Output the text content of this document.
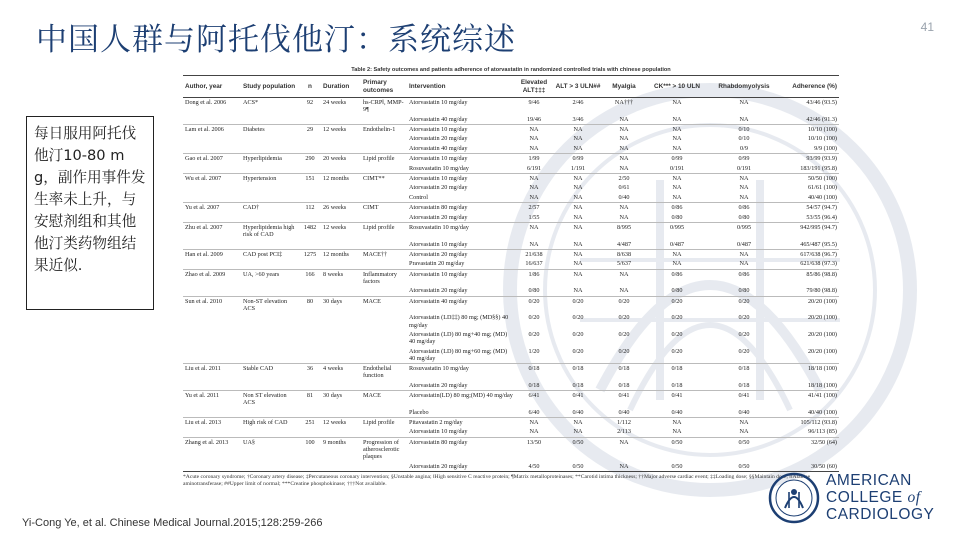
中国人群与阿托伐他汀：系统综述	41
Table 2: Safety outcomes and patients adherence of atorvastatin in randomized controlled trials with chinese population
Author, year	Study population	n	Duration	Primary outcomes	Intervention	Elevated ALT‡‡‡	ALT > 3 ULN##	Myalgia	CK*** > 10 ULN	Rhabdomyolysis	Adherence (%)
Dong et al. 2006	ACS*	92	24 weeks	hs-CRP‖, MMP-9¶	Atorvastatin 10 mg/day	9/46	2/46	NA†††	NA	NA	43/46 (93.5)
					Atorvastatin 40 mg/day	19/46	3/46	NA	NA	NA	42/46 (91.3)
Lam et al. 2006	Diabetes	29	12 weeks	Endothelin-1	Atorvastatin 10 mg/day	NA	NA	NA	NA	0/10	10/10 (100)
					Atorvastatin 20 mg/day	NA	NA	NA	NA	0/10	10/10 (100)
					Atorvastatin 40 mg/day	NA	NA	NA	NA	0/9	9/9 (100)
Gao et al. 2007	Hyperlipidemia	290	20 weeks	Lipid profile	Atorvastatin 10 mg/day	1/99	0/99	NA	0/99	0/99	93/99 (93.9)
					Rosuvastatin 10 mg/day	6/191	1/191	NA	0/191	0/191	183/191 (95.8)
Wu et al. 2007	Hypertension	151	12 months	CIMT**	Atorvastatin 10 mg/day	NA	NA	2/50	NA	NA	50/50 (100)
					Atorvastatin 20 mg/day	NA	NA	0/61	NA	NA	61/61 (100)
					Control	NA	NA	0/40	NA	NA	40/40 (100)
Yu et al. 2007	CAD†	112	26 weeks	CIMT	Atorvastatin 80 mg/day	2/57	NA	NA	0/86	0/86	54/57 (94.7)
					Atorvastatin 20 mg/day	1/55	NA	NA	0/80	0/80	53/55 (96.4)
Zhu et al. 2007	Hyperlipidemia high risk of CAD	1482	12 weeks	Lipid profile	Rosuvastatin 10 mg/day	NA	NA	8/995	0/995	0/995	942/995 (94.7)
					Atorvastatin 10 mg/day	NA	NA	4/487	0/487	0/487	465/487 (95.5)
Han et al. 2009	CAD post PCI‡	1275	12 months	MACE††	Atorvastatin 20 mg/day	21/638	NA	8/638	NA	NA	617/638 (96.7)
					Pravastatin 20 mg/day	16/637	NA	5/637	NA	NA	621/638 (97.3)
Zhao et al. 2009	UA, >60 years	166	8 weeks	Inflammatory factors	Atorvastatin 10 mg/day	1/86	NA	NA	0/86	0/86	85/86 (98.8)
					Atorvastatin 20 mg/day	0/80	NA	NA	0/80	0/80	79/80 (98.8)
Sun et al. 2010	Non-ST elevation ACS	80	30 days	MACE	Atorvastatin 40 mg/day	0/20	0/20	0/20	0/20	0/20	20/20 (100)
					Atorvastatin (LD‡‡) 80 mg; (MD§§) 40 mg/day	0/20	0/20	0/20	0/20	0/20	20/20 (100)
					Atorvastatin (LD) 80 mg+40 mg; (MD) 40 mg/day	0/20	0/20	0/20	0/20	0/20	20/20 (100)
					Atorvastatin (LD) 80 mg+60 mg; (MD) 40 mg/day	1/20	0/20	0/20	0/20	0/20	20/20 (100)
Liu et al. 2011	Stable CAD	36	4 weeks	Endothelial function	Rosuvastatin 10 mg/day	0/18	0/18	0/18	0/18	0/18	18/18 (100)
					Atorvastatin 20 mg/day	0/18	0/18	0/18	0/18	0/18	18/18 (100)
Yu et al. 2011	Non ST elevation ACS	81	30 days	MACE	Atorvastatin(LD) 80 mg;(MD) 40 mg/day	6/41	0/41	0/41	0/41	0/41	41/41 (100)
					Placebo	6/40	0/40	0/40	0/40	0/40	40/40 (100)
Liu et al. 2013	High risk of CAD	251	12 weeks	Lipid profile	Pitavastatin 2 mg/day	NA	NA	1/112	NA	NA	105/112 (93.8)
					Atorvastatin 10 mg/day	NA	NA	2/113	NA	NA	96/113 (85)
Zhang et al. 2013	UA§	100	9 months	Progression of atherosclerotic plaques	Atorvastatin 80 mg/day	13/50	0/50	NA	0/50	0/50	32/50 (64)
					Atorvastatin 20 mg/day	4/50	0/50	NA	0/50	0/50	30/50 (60)
*Acute coronary syndrome; †Coronary artery disease; ‡Percutaneous coronary intervention; §Unstable angina; ‖High sensitive C reactive protein; ¶Matrix metalloproteinases; **Carotid intima thickness; ††Major adverse cardiac event; ‡‡Loading dose; §§Maintain dose; ‖‖Alanine aminotransferase; ##Upper limit of normal; ***Creatine phosphokinase; †††Not available.
每日服用阿托伐他汀10-80 mg，副作用事件发生率未上升，与安慰剂组和其他他汀类药物组结果近似.
Yi-Cong Ye, et al. Chinese Medical Journal.2015;128:259-266
AMERICAN
COLLEGE of
CARDIOLOGY
